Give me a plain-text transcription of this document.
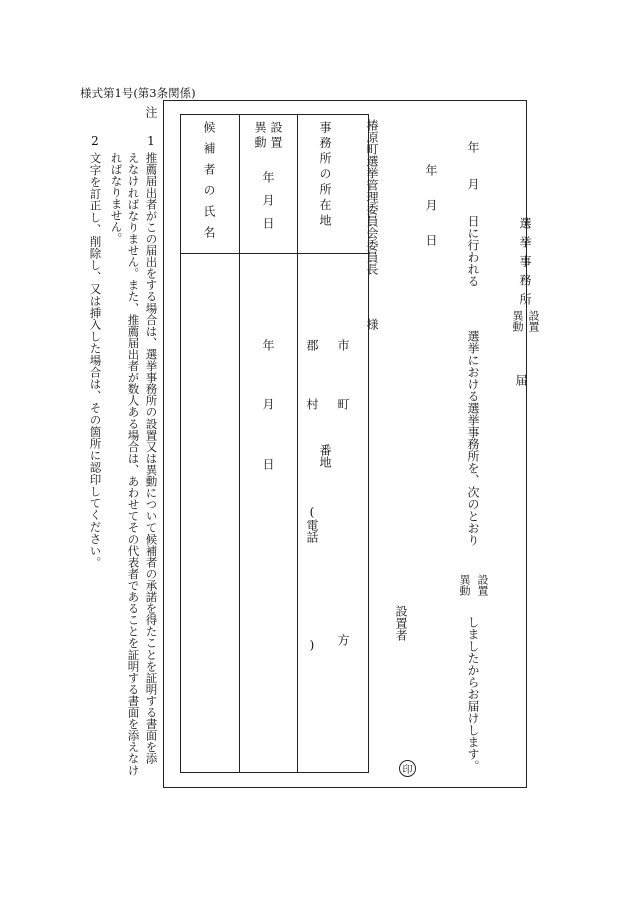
様式第1号(第3条関係)
選挙事務所
設置
異動
届
年
月
日に行われる
選挙における選挙事務所を、次のとおり
設置
異動
しましたからお届けします。
年
月
日
設置者
印
椿原町選挙管理委員会委員長
様
事務所の所在地
設置
異動
年月日
候補者の氏名
市
町
郡
村
番地
(電話
) 方
年
月
日
注
1
推薦届出者がこの届出をする場合は、選挙事務所の設置又は異動について候補者の承諾を得たことを証明する書面を添
えなければなりません。また、推薦届出者が数人ある場合は、あわせてその代表者であることを証明する書面を添えなけ
ればなりません。
2
文字を訂正し、削除し、又は挿入した場合は、その箇所に認印してください。
